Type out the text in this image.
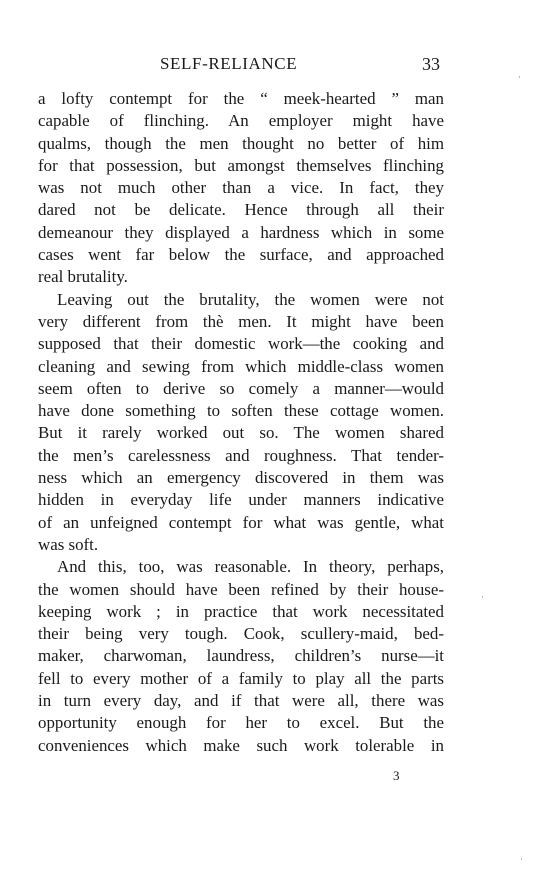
SELF-RELIANCE	33
a lofty contempt for the “ meek-hearted ” man
capable of flinching. An employer might have
qualms, though the men thought no better of him
for that possession, but amongst themselves flinching
was not much other than a vice. In fact, they
dared not be delicate. Hence through all their
demeanour they displayed a hardness which in some
cases went far below the surface, and approached
real brutality.
Leaving out the brutality, the women were not
very different from thè men. It might have been
supposed that their domestic work—the cooking and
cleaning and sewing from which middle-class women
seem often to derive so comely a manner—would
have done something to soften these cottage women.
But it rarely worked out so. The women shared
the men’s carelessness and roughness. That tender-
ness which an emergency discovered in them was
hidden in everyday life under manners indicative
of an unfeigned contempt for what was gentle, what
was soft.
And this, too, was reasonable. In theory, perhaps,
the women should have been refined by their house-
keeping work ; in practice that work necessitated
their being very tough. Cook, scullery-maid, bed-
maker, charwoman, laundress, children’s nurse—it
fell to every mother of a family to play all the parts
in turn every day, and if that were all, there was
opportunity enough for her to excel. But the
conveniences which make such work tolerable in
3
